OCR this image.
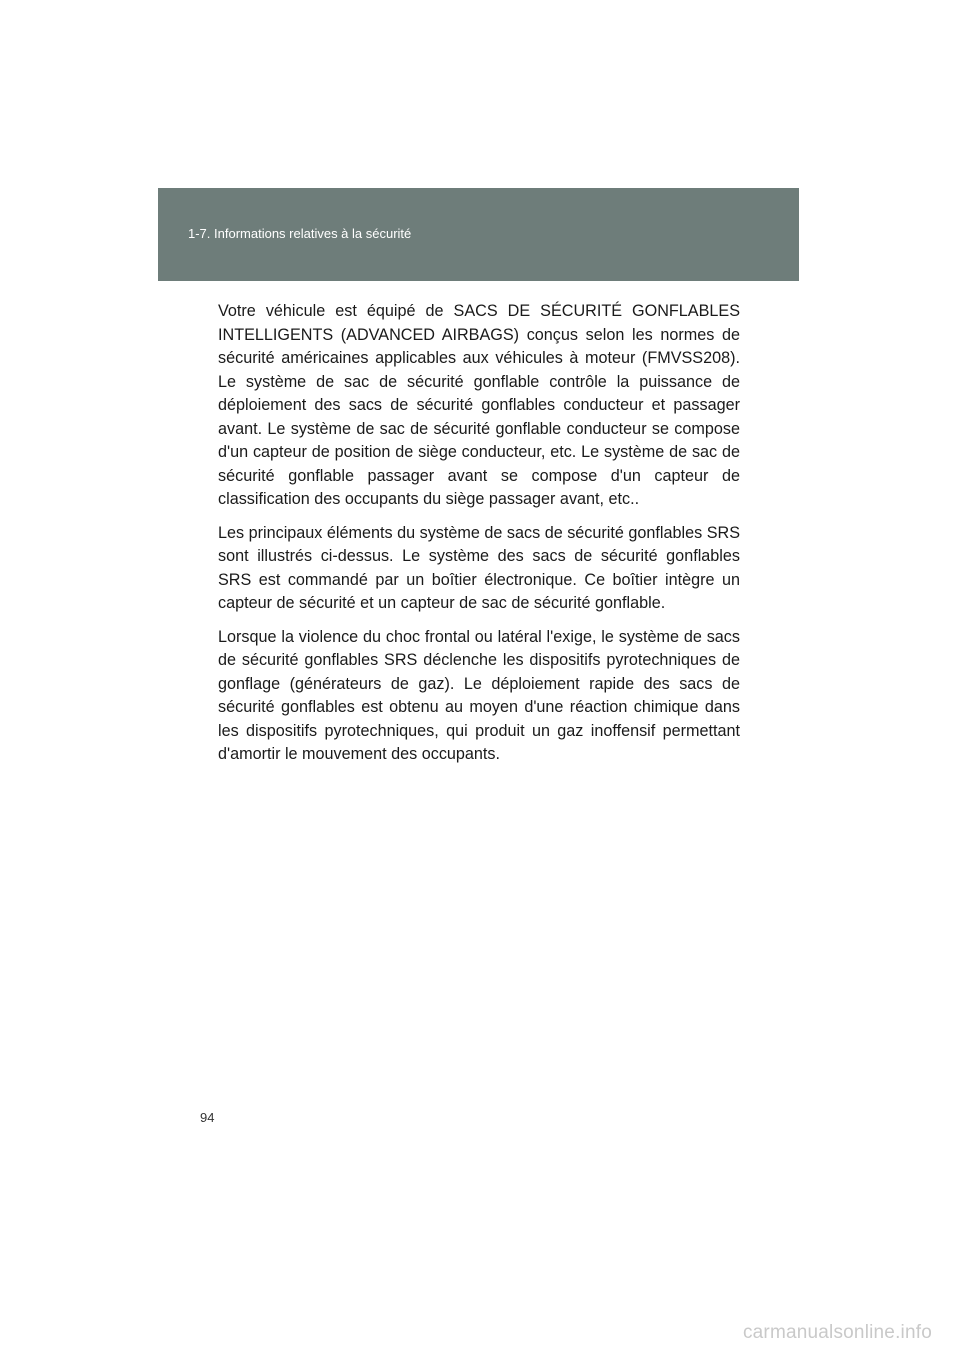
1-7. Informations relatives à la sécurité

Votre véhicule est équipé de SACS DE SÉCURITÉ GONFLABLES INTELLIGENTS (ADVANCED AIRBAGS) conçus selon les normes de sécurité américaines applicables aux véhicules à moteur (FMVSS208). Le système de sac de sécurité gonflable contrôle la puissance de déploiement des sacs de sécurité gonflables conducteur et passager avant. Le système de sac de sécurité gonflable conducteur se compose d'un capteur de position de siège conducteur, etc. Le système de sac de sécurité gonflable passager avant se compose d'un capteur de classification des occupants du siège passager avant, etc..

Les principaux éléments du système de sacs de sécurité gonflables SRS sont illustrés ci-dessus. Le système des sacs de sécurité gonflables SRS est commandé par un boîtier électronique. Ce boîtier intègre un capteur de sécurité et un capteur de sac de sécurité gonflable.

Lorsque la violence du choc frontal ou latéral l'exige, le système de sacs de sécurité gonflables SRS déclenche les dispositifs pyrotechniques de gonflage (générateurs de gaz). Le déploiement rapide des sacs de sécurité gonflables est obtenu au moyen d'une réaction chimique dans les dispositifs pyrotechniques, qui produit un gaz inoffensif permettant d'amortir le mouvement des occupants.

94
carmanualsonline.info
